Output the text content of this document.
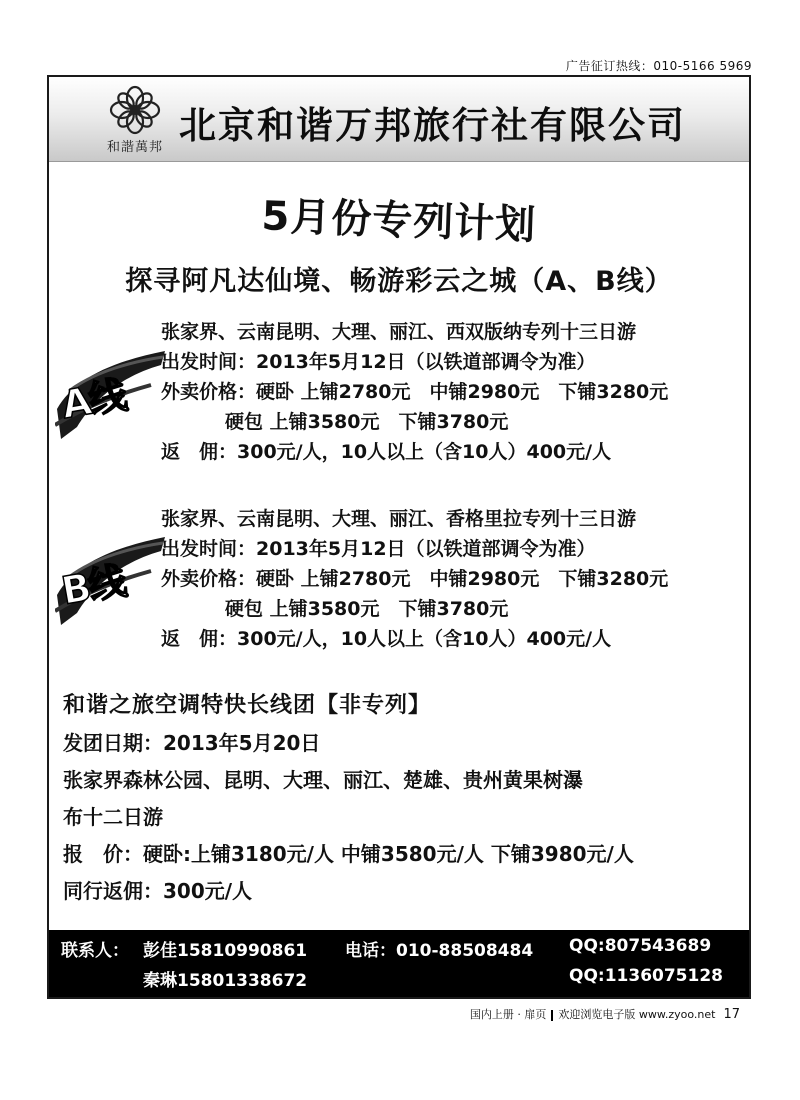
广告征订热线：010-5166 5969
和諧萬邦
北京和谐万邦旅行社有限公司
5月份专列计划
探寻阿凡达仙境、畅游彩云之城（A、B线）
A线
张家界、云南昆明、大理、丽江、西双版纳专列十三日游
出发时间：2013年5月12日（以铁道部调令为准）
外卖价格：硬卧 上铺2780元　中铺2980元　下铺3280元
硬包 上铺3580元　下铺3780元
返　佣：300元/人，10人以上（含10人）400元/人
B线
张家界、云南昆明、大理、丽江、香格里拉专列十三日游
出发时间：2013年5月12日（以铁道部调令为准）
外卖价格：硬卧 上铺2780元　中铺2980元　下铺3280元
硬包 上铺3580元　下铺3780元
返　佣：300元/人，10人以上（含10人）400元/人
和谐之旅空调特快长线团【非专列】
发团日期：2013年5月20日
张家界森林公园、昆明、大理、丽江、楚雄、贵州黄果树瀑
布十二日游
报　价：硬卧:上铺3180元/人 中铺3580元/人 下铺3980元/人
同行返佣：300元/人
联系人： 彭佳15810990861
秦琳15801338672
电话：010-88508484 QQ:807543689
QQ:1136075128
国内上册 · 扉页 欢迎浏览电子版 www.zyoo.net 17
